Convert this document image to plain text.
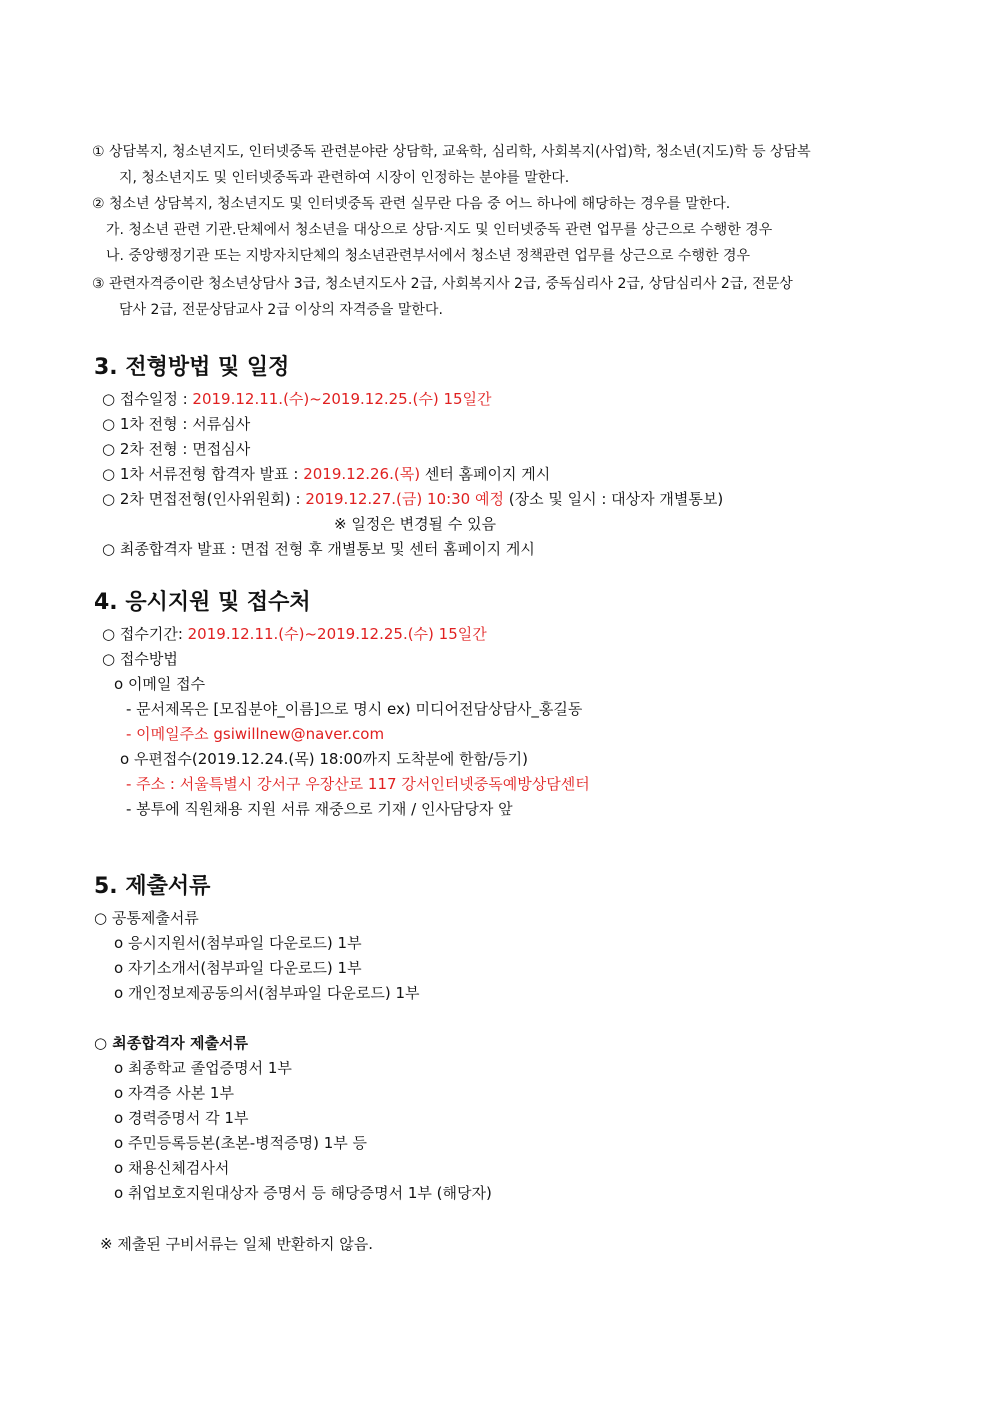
① 상담복지, 청소년지도, 인터넷중독 관련분야란 상담학, 교육학, 심리학, 사회복지(사업)학, 청소년(지도)학 등 상담복
지, 청소년지도 및 인터넷중독과 관련하여 시장이 인정하는 분야를 말한다.
② 청소년 상담복지, 청소년지도 및 인터넷중독 관련 실무란 다음 중 어느 하나에 해당하는 경우를 말한다.
가. 청소년 관련 기관.단체에서 청소년을 대상으로 상담·지도 및 인터넷중독 관련 업무를 상근으로 수행한 경우
나. 중앙행정기관 또는 지방자치단체의 청소년관련부서에서 청소년 정책관련 업무를 상근으로 수행한 경우
③ 관련자격증이란 청소년상담사 3급, 청소년지도사 2급, 사회복지사 2급, 중독심리사 2급, 상담심리사 2급, 전문상
담사 2급, 전문상담교사 2급 이상의 자격증을 말한다.
3. 전형방법 및 일정
○ 접수일정 : 2019.12.11.(수)~2019.12.25.(수) 15일간
○ 1차 전형 : 서류심사
○ 2차 전형 : 면접심사
○ 1차 서류전형 합격자 발표 : 2019.12.26.(목) 센터 홈페이지 게시
○ 2차 면접전형(인사위원회) : 2019.12.27.(금) 10:30 예정 (장소 및 일시 : 대상자 개별통보)
※ 일정은 변경될 수 있음
○ 최종합격자 발표 : 면접 전형 후 개별통보 및 센터 홈페이지 게시
4. 응시지원 및 접수처
○ 접수기간: 2019.12.11.(수)~2019.12.25.(수) 15일간
○ 접수방법
o 이메일 접수
- 문서제목은 [모집분야_이름]으로 명시 ex) 미디어전담상담사_홍길동
- 이메일주소 gsiwillnew@naver.com
o 우편접수(2019.12.24.(목) 18:00까지 도착분에 한함/등기)
- 주소 : 서울특별시 강서구 우장산로 117 강서인터넷중독예방상담센터
- 봉투에 직원채용 지원 서류 재중으로 기재 / 인사담당자 앞
5. 제출서류
○ 공통제출서류
o 응시지원서(첨부파일 다운로드) 1부
o 자기소개서(첨부파일 다운로드) 1부
o 개인정보제공동의서(첨부파일 다운로드) 1부
○ 최종합격자 제출서류
o 최종학교 졸업증명서 1부
o 자격증 사본 1부
o 경력증명서 각 1부
o 주민등록등본(초본-병적증명) 1부 등
o 채용신체검사서
o 취업보호지원대상자 증명서 등 해당증명서 1부 (해당자)
※ 제출된 구비서류는 일체 반환하지 않음.
